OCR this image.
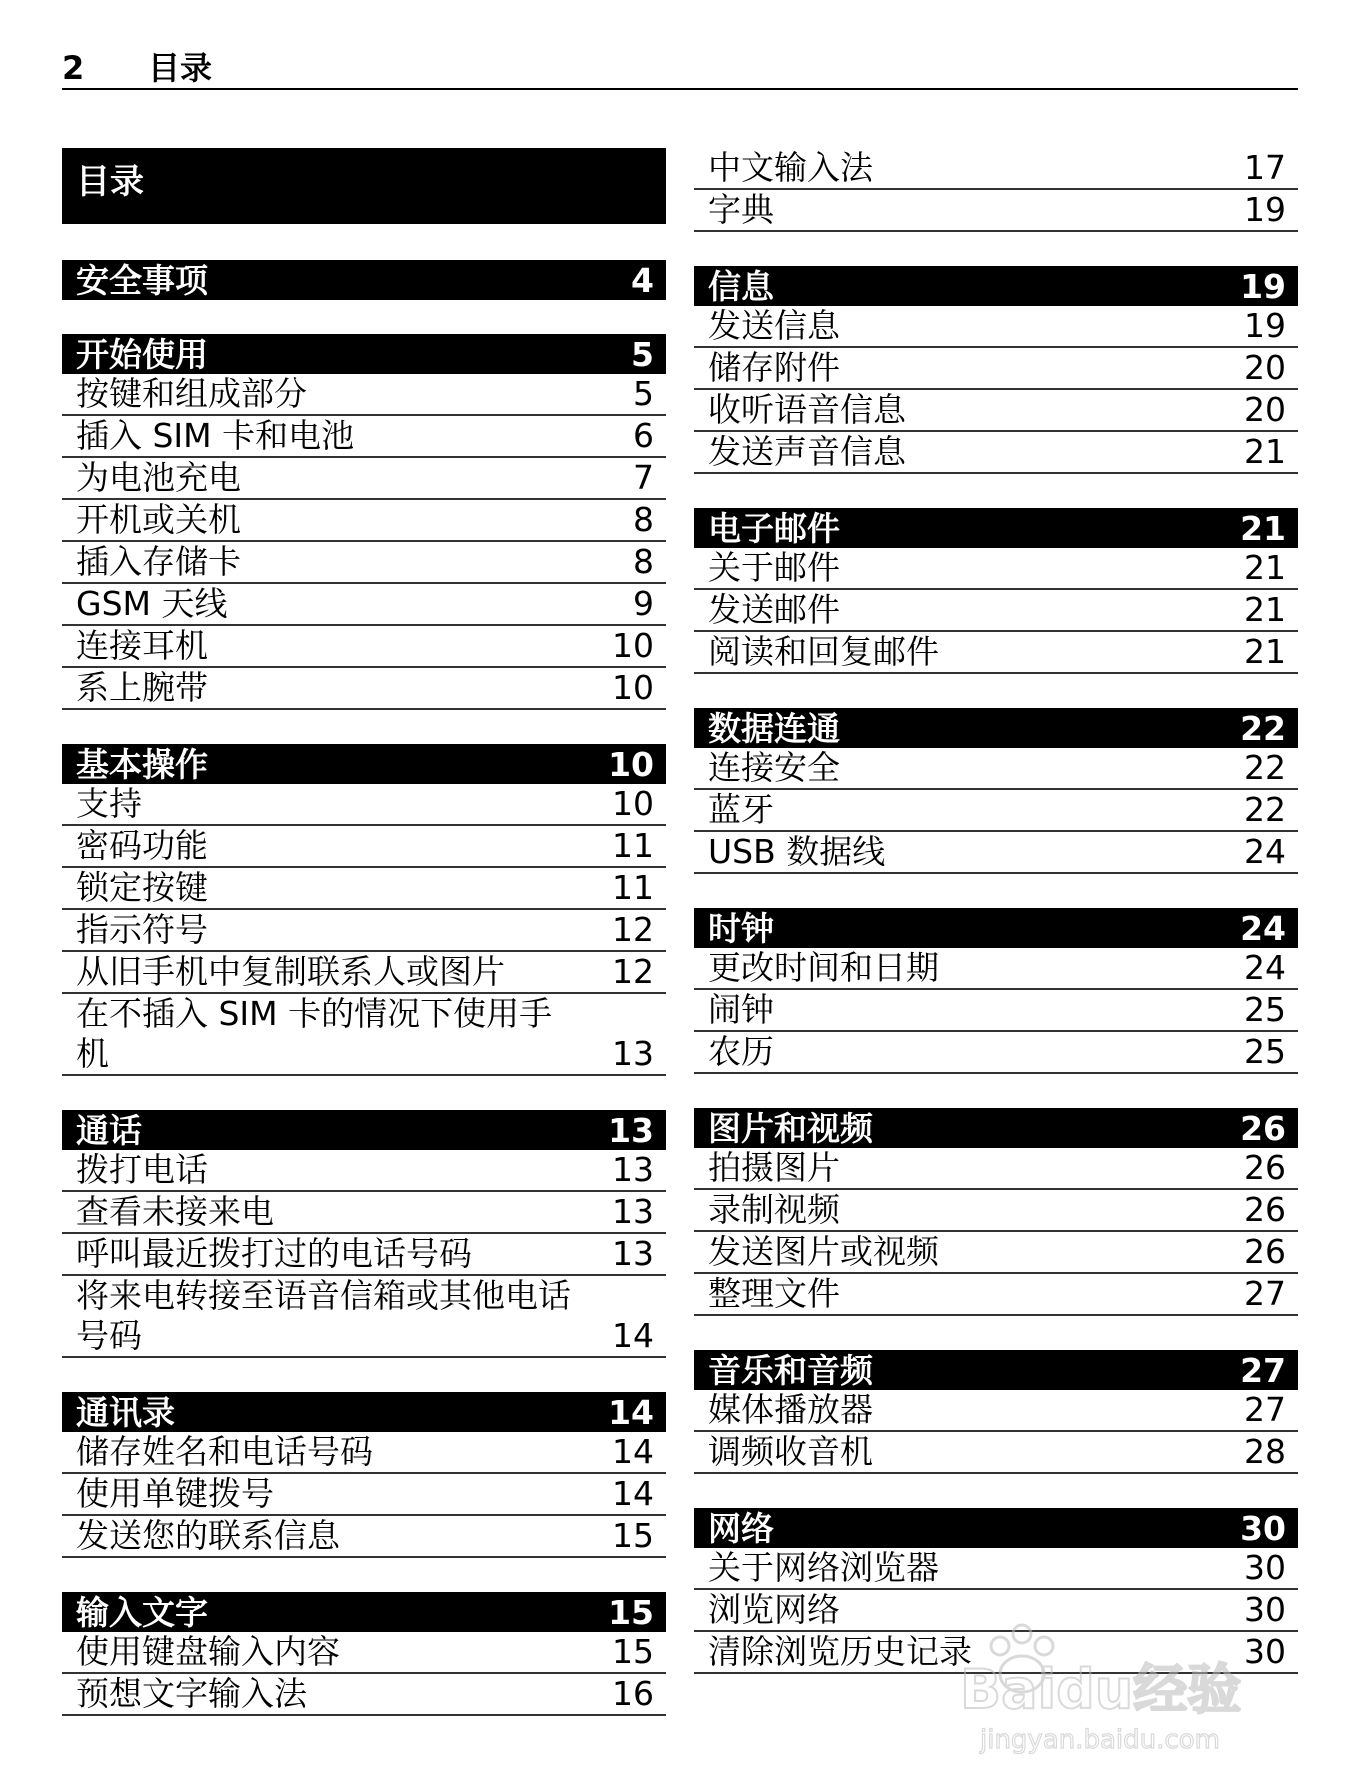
2	目录
目录
安全事项	4
开始使用	5
按键和组成部分	5
插入 SIM 卡和电池	6
为电池充电	7
开机或关机	8
插入存储卡	8
GSM 天线	9
连接耳机	10
系上腕带	10
基本操作	10
支持	10
密码功能	11
锁定按键	11
指示符号	12
从旧手机中复制联系人或图片	12
在不插入 SIM 卡的情况下使用手机	13
通话	13
拨打电话	13
查看未接来电	13
呼叫最近拨打过的电话号码	13
将来电转接至语音信箱或其他电话号码	14
通讯录	14
储存姓名和电话号码	14
使用单键拨号	14
发送您的联系信息	15
输入文字	15
使用键盘输入内容	15
预想文字输入法	16
中文输入法	17
字典	19
信息	19
发送信息	19
储存附件	20
收听语音信息	20
发送声音信息	21
电子邮件	21
关于邮件	21
发送邮件	21
阅读和回复邮件	21
数据连通	22
连接安全	22
蓝牙	22
USB 数据线	24
时钟	24
更改时间和日期	24
闹钟	25
农历	25
图片和视频	26
拍摄图片	26
录制视频	26
发送图片或视频	26
整理文件	27
音乐和音频	27
媒体播放器	27
调频收音机	28
网络	30
关于网络浏览器	30
浏览网络	30
清除浏览历史记录	30
Baidu经验
jingyan.baidu.com
